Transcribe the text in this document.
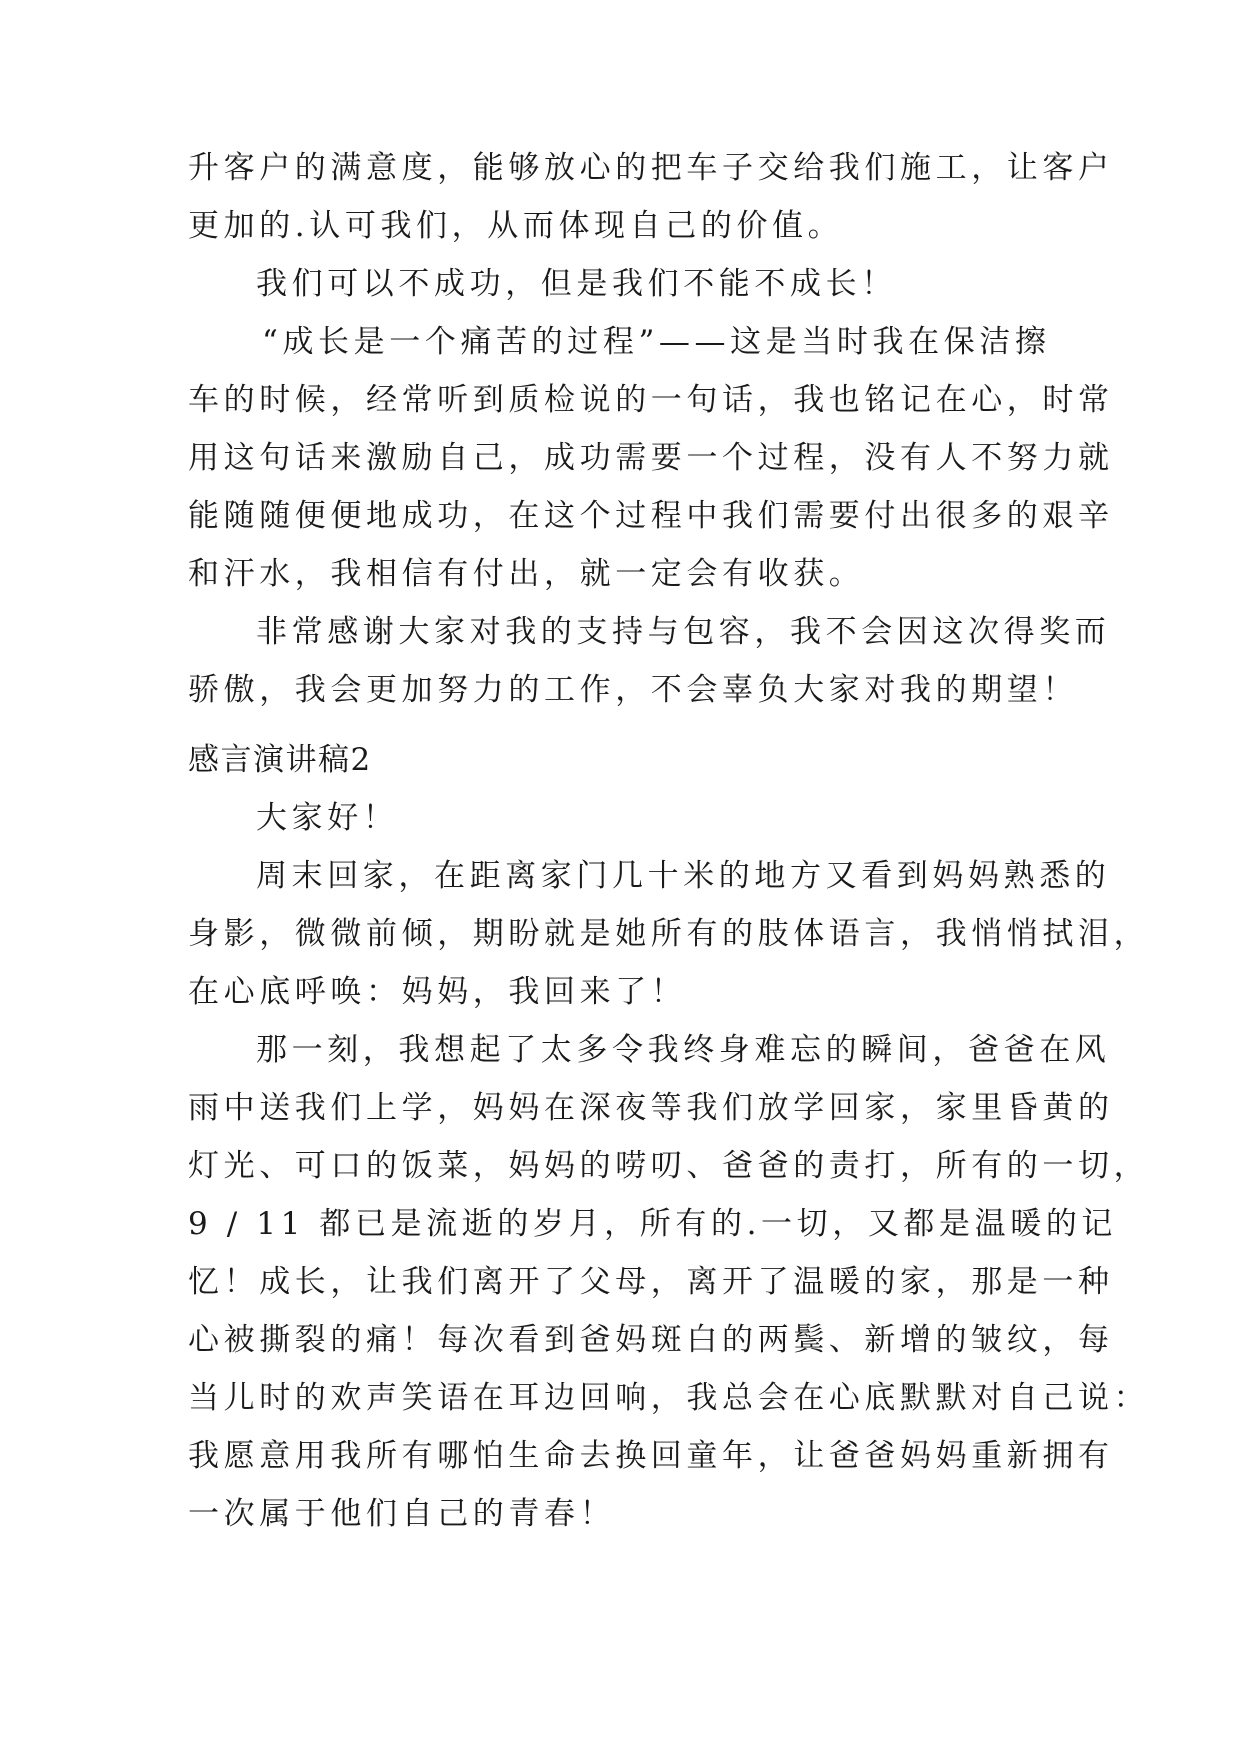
升客户的满意度，能够放心的把车子交给我们施工，让客户
更加的.认可我们，从而体现自己的价值。
我们可以不成功，但是我们不能不成长！
“成长是一个痛苦的过程”——这是当时我在保洁擦
车的时候，经常听到质检说的一句话，我也铭记在心，时常
用这句话来激励自己，成功需要一个过程，没有人不努力就
能随随便便地成功，在这个过程中我们需要付出很多的艰辛
和汗水，我相信有付出，就一定会有收获。
非常感谢大家对我的支持与包容，我不会因这次得奖而
骄傲，我会更加努力的工作，不会辜负大家对我的期望！
感言演讲稿2
大家好！
周末回家，在距离家门几十米的地方又看到妈妈熟悉的
身影，微微前倾，期盼就是她所有的肢体语言，我悄悄拭泪，
在心底呼唤：妈妈，我回来了！
那一刻，我想起了太多令我终身难忘的瞬间，爸爸在风
雨中送我们上学，妈妈在深夜等我们放学回家，家里昏黄的
灯光、可口的饭菜，妈妈的唠叨、爸爸的责打，所有的一切，
9 / 11 都已是流逝的岁月，所有的.一切，又都是温暖的记
忆！成长，让我们离开了父母，离开了温暖的家，那是一种
心被撕裂的痛！每次看到爸妈斑白的两鬓、新增的皱纹，每
当儿时的欢声笑语在耳边回响，我总会在心底默默对自己说：
我愿意用我所有哪怕生命去换回童年，让爸爸妈妈重新拥有
一次属于他们自己的青春！
